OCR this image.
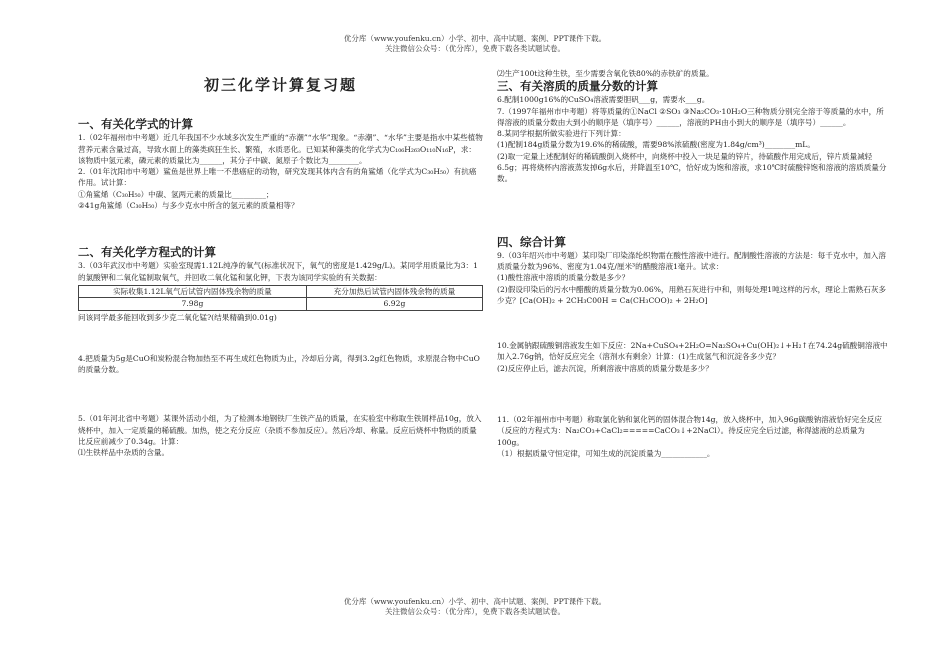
优分库（www.youfenku.cn）小学、初中、高中试题、案例、PPT课件下载。
关注微信公众号：（优分库），免费下载各类试题试卷。
初三化学计算复习题

一、有关化学式的计算

1.（02年福州市中考题）近几年我国不少水域多次发生严重的“赤潮”“水华”现象。“赤潮”、“水华”主要是指水中某些植物营养元素含量过高，导致水面上的藻类疯狂生长、繁殖，水质恶化。已知某种藻类的化学式为C₁₀₆H₂₆₃O₁₁₀N₁₆P，求：该物质中氢元素，磷元素的质量比为______，其分子中碳、氮原子个数比为________。

2.（01年沈阳市中考题）鲨鱼是世界上唯一不患癌症的动物，研究发现其体内含有的角鲨烯（化学式为C₃₀H₅₀）有抗癌作用。试计算：

①角鲨烯（C₃₀H₅₀）中碳、氢两元素的质量比_________；

②41g角鲨烯（C₃₀H₅₀）与多少克水中所含的氢元素的质量相等？

二、有关化学方程式的计算

3.（03年武汉市中考题）实验室现需1.12L纯净的氧气(标准状况下，氧气的密度是1.429g/L)。某同学用质量比为3：1的氯酸钾和二氧化锰制取氧气，并回收二氧化锰和氯化钾，下表为该同学实验的有关数据：

实际收集1.12L氧气后试管内固体残余物的质量	充分加热后试管内固体残余物的质量
7.98g	6.92g

问该同学最多能回收到多少克二氧化锰?(结果精确到0.01g)

4.把质量为5g是CuO和炭粉混合物加热至不再生成红色物质为止，冷却后分离，得到3.2g红色物质，求原混合物中CuO的质量分数。

5.（01年河北省中考题）某课外活动小组，为了检测本地钢铁厂生铁产品的质量，在实验室中称取生铁屑样品10g，放入烧杯中，加入一定质量的稀硫酸。加热，使之充分反应（杂质不参加反应）。然后冷却、称量。反应后烧杯中物质的质量比反应前减少了0.34g。计算：

⑴生铁样品中杂质的含量。

⑵生产100t这种生铁，至少需要含氧化铁80%的赤铁矿的质量。

三、有关溶质的质量分数的计算

6.配制1000g16%的CuSO₄溶液需要胆矾___g，需要水___g。

7.（1997年福州市中考题）将等质量的①NaCl ②SO₃ ③Na₂CO₃·10H₂O三种物质分别完全溶于等质量的水中，所得溶液的质量分数由大到小的顺序是（填序号）______，溶液的PH由小到大的顺序是（填序号）______。

8.某同学根据所做实验进行下列计算：

(1)配制184g质量分数为19.6%的稀硫酸，需要98%浓硫酸(密度为1.84g/cm³)________mL。

(2)取一定量上述配制好的稀硫酸倒入烧杯中，向烧杯中投入一块足量的锌片，待硫酸作用完成后，锌片质量减轻6.5g；再将烧杯内溶液蒸发掉6g水后，并降温至10℃，恰好成为饱和溶液，求10℃时硫酸锌饱和溶液的溶质质量分数。

四、综合计算

9.（03年绍兴市中考题）某印染厂印染涤纶织物需在酸性溶液中进行。配制酸性溶液的方法是：每千克水中，加入溶质质量分数为96%、密度为1.04克/厘米³的醋酸溶液1毫升。试求：

(1)酸性溶液中溶质的质量分数是多少？

(2)假设印染后的污水中醋酸的质量分数为0.06%，用熟石灰进行中和，则每处理1吨这样的污水，理论上需熟石灰多少克？[Ca(OH)₂ + 2CH₃C00H = Ca(CH₃COO)₂ + 2H₂O]

10.金属钠跟硫酸铜溶液发生如下反应：2Na+CuSO₄+2H₂O=Na₂SO₄+Cu(OH)₂↓+H₂↑在74.24g硫酸铜溶液中加入2.76g钠，恰好反应完全（溶剂水有剩余）计算：(1)生成氢气和沉淀各多少克？

(2)反应停止后，滤去沉淀，所剩溶液中溶质的质量分数是多少？

11.（02年福州市中考题）称取氯化钠和氯化钙的固体混合物14g，放入烧杯中，加入96g碳酸钠溶液恰好完全反应（反应的方程式为：Na₂CO₃+CaCl₂=====CaCO₃↓+2NaCl）。待反应完全后过滤，称得滤液的总质量为100g。

（1）根据质量守恒定律，可知生成的沉淀质量为____________。

优分库（www.youfenku.cn）小学、初中、高中试题、案例、PPT课件下载。
关注微信公众号：（优分库），免费下载各类试题试卷。
